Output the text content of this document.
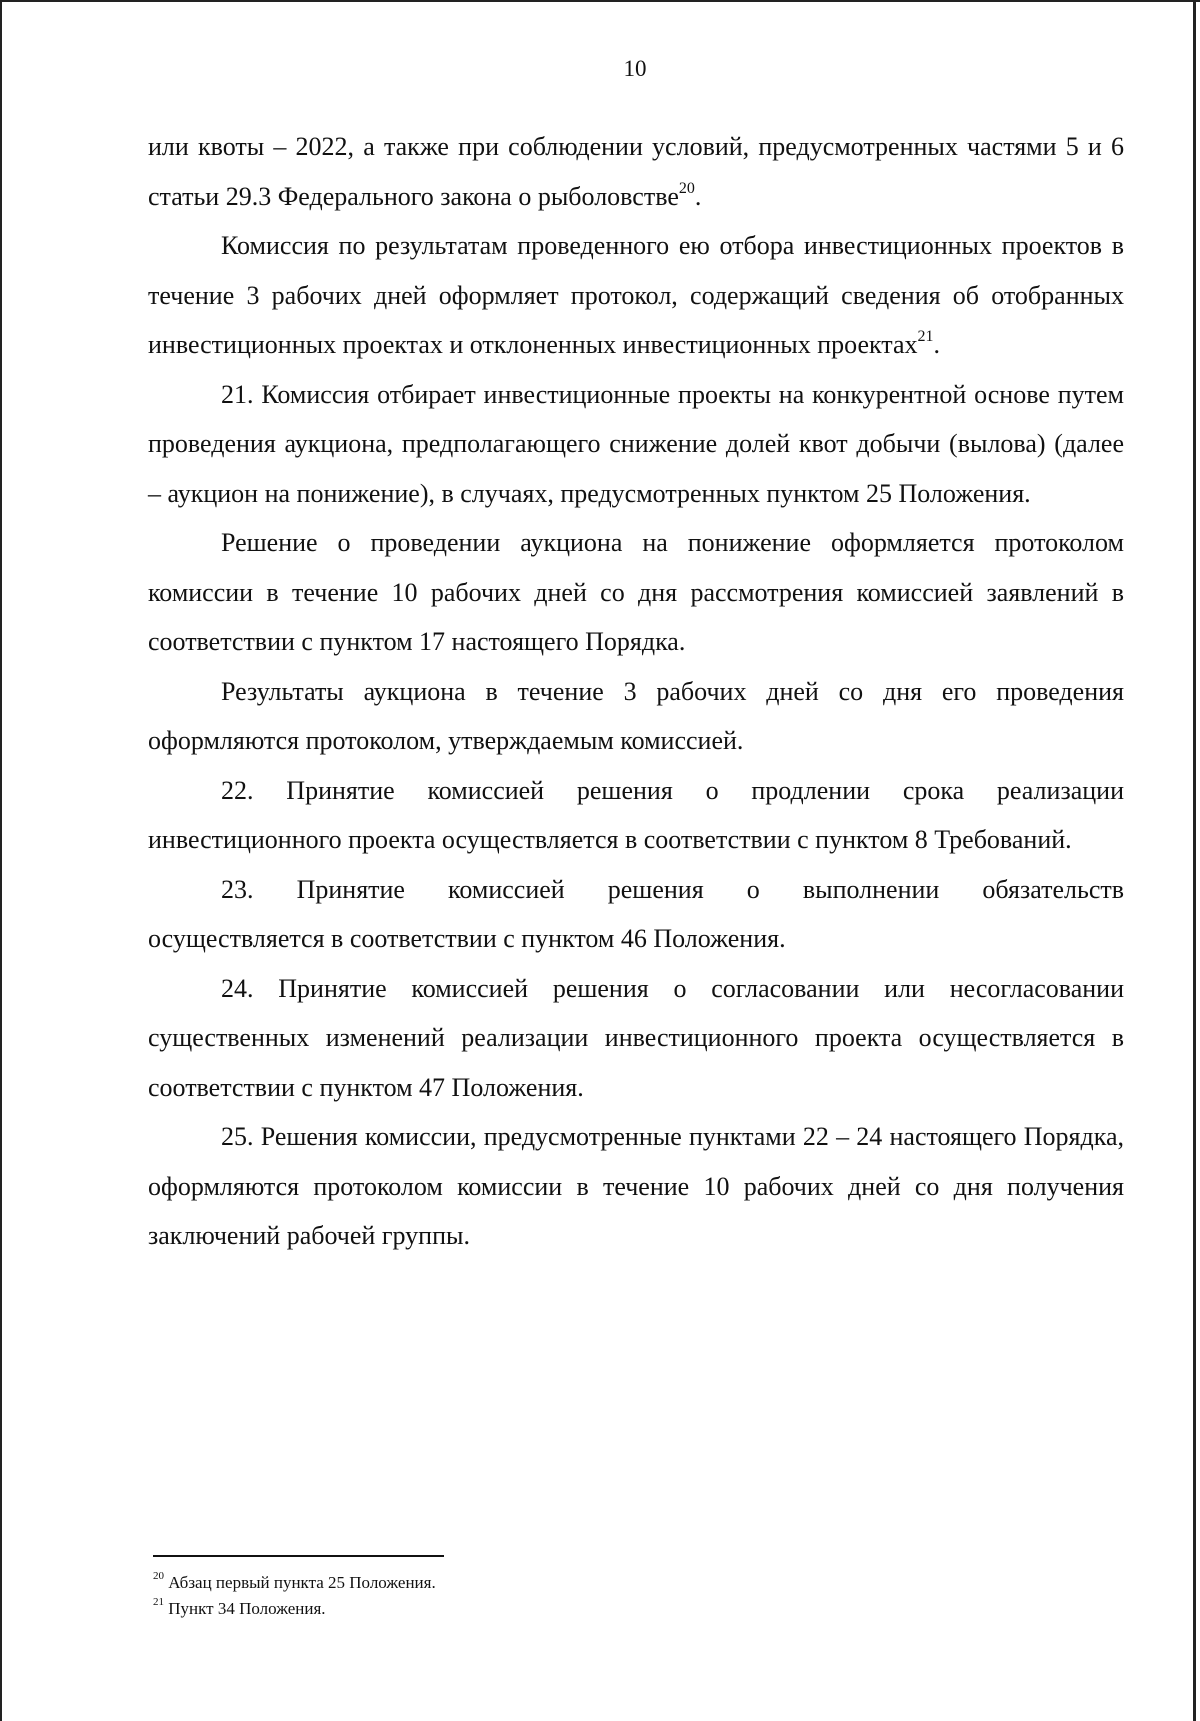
10

или квоты – 2022, а также при соблюдении условий, предусмотренных частями 5 и 6 статьи 29.3 Федерального закона о рыболовстве$^{20}$.

Комиссия по результатам проведенного ею отбора инвестиционных проектов в течение 3 рабочих дней оформляет протокол, содержащий сведения об отобранных инвестиционных проектах и отклоненных инвестиционных проектах$^{21}$.

21. Комиссия отбирает инвестиционные проекты на конкурентной основе путем проведения аукциона, предполагающего снижение долей квот добычи (вылова) (далее – аукцион на понижение), в случаях, предусмотренных пунктом 25 Положения.

Решение о проведении аукциона на понижение оформляется протоколом комиссии в течение 10 рабочих дней со дня рассмотрения комиссией заявлений в соответствии с пунктом 17 настоящего Порядка.

Результаты аукциона в течение 3 рабочих дней со дня его проведения оформляются протоколом, утверждаемым комиссией.

22. Принятие комиссией решения о продлении срока реализации инвестиционного проекта осуществляется в соответствии с пунктом 8 Требований.

23. Принятие комиссией решения о выполнении обязательств

осуществляется в соответствии с пунктом 46 Положения.

24. Принятие комиссией решения о согласовании или несогласовании существенных изменений реализации инвестиционного проекта осуществляется в соответствии с пунктом 47 Положения.

25. Решения комиссии, предусмотренные пунктами 22 – 24 настоящего Порядка, оформляются протоколом комиссии в течение 10 рабочих дней со дня получения заключений рабочей группы.

$^{20}$ Абзац первый пункта 25 Положения.
$^{21}$ Пункт 34 Положения.
